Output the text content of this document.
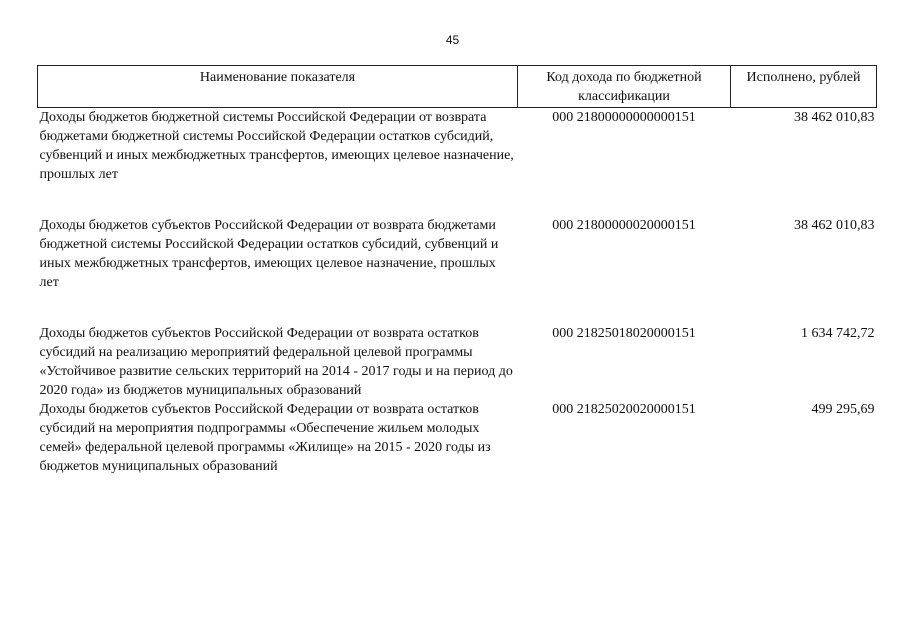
45
Наименование показателя	Код дохода по бюджетной классификации	Исполнено, рублей
Доходы бюджетов бюджетной системы Российской Федерации от возврата бюджетами бюджетной системы Российской Федерации остатков субсидий, субвенций и иных межбюджетных трансфертов, имеющих целевое назначение, прошлых лет	000 21800000000000151	38 462 010,83
Доходы бюджетов субъектов Российской Федерации от возврата бюджетами бюджетной системы Российской Федерации остатков субсидий, субвенций и иных межбюджетных трансфертов, имеющих целевое назначение, прошлых лет	000 21800000020000151	38 462 010,83
Доходы бюджетов субъектов Российской Федерации от возврата остатков субсидий на реализацию мероприятий федеральной целевой программы «Устойчивое развитие сельских территорий на 2014 - 2017 годы и на период до 2020 года» из бюджетов муниципальных образований	000 21825018020000151	1 634 742,72
Доходы бюджетов субъектов Российской Федерации от возврата остатков субсидий на мероприятия подпрограммы «Обеспечение жильем молодых семей» федеральной целевой программы «Жилище» на 2015 - 2020 годы из бюджетов муниципальных образований	000 21825020020000151	499 295,69
